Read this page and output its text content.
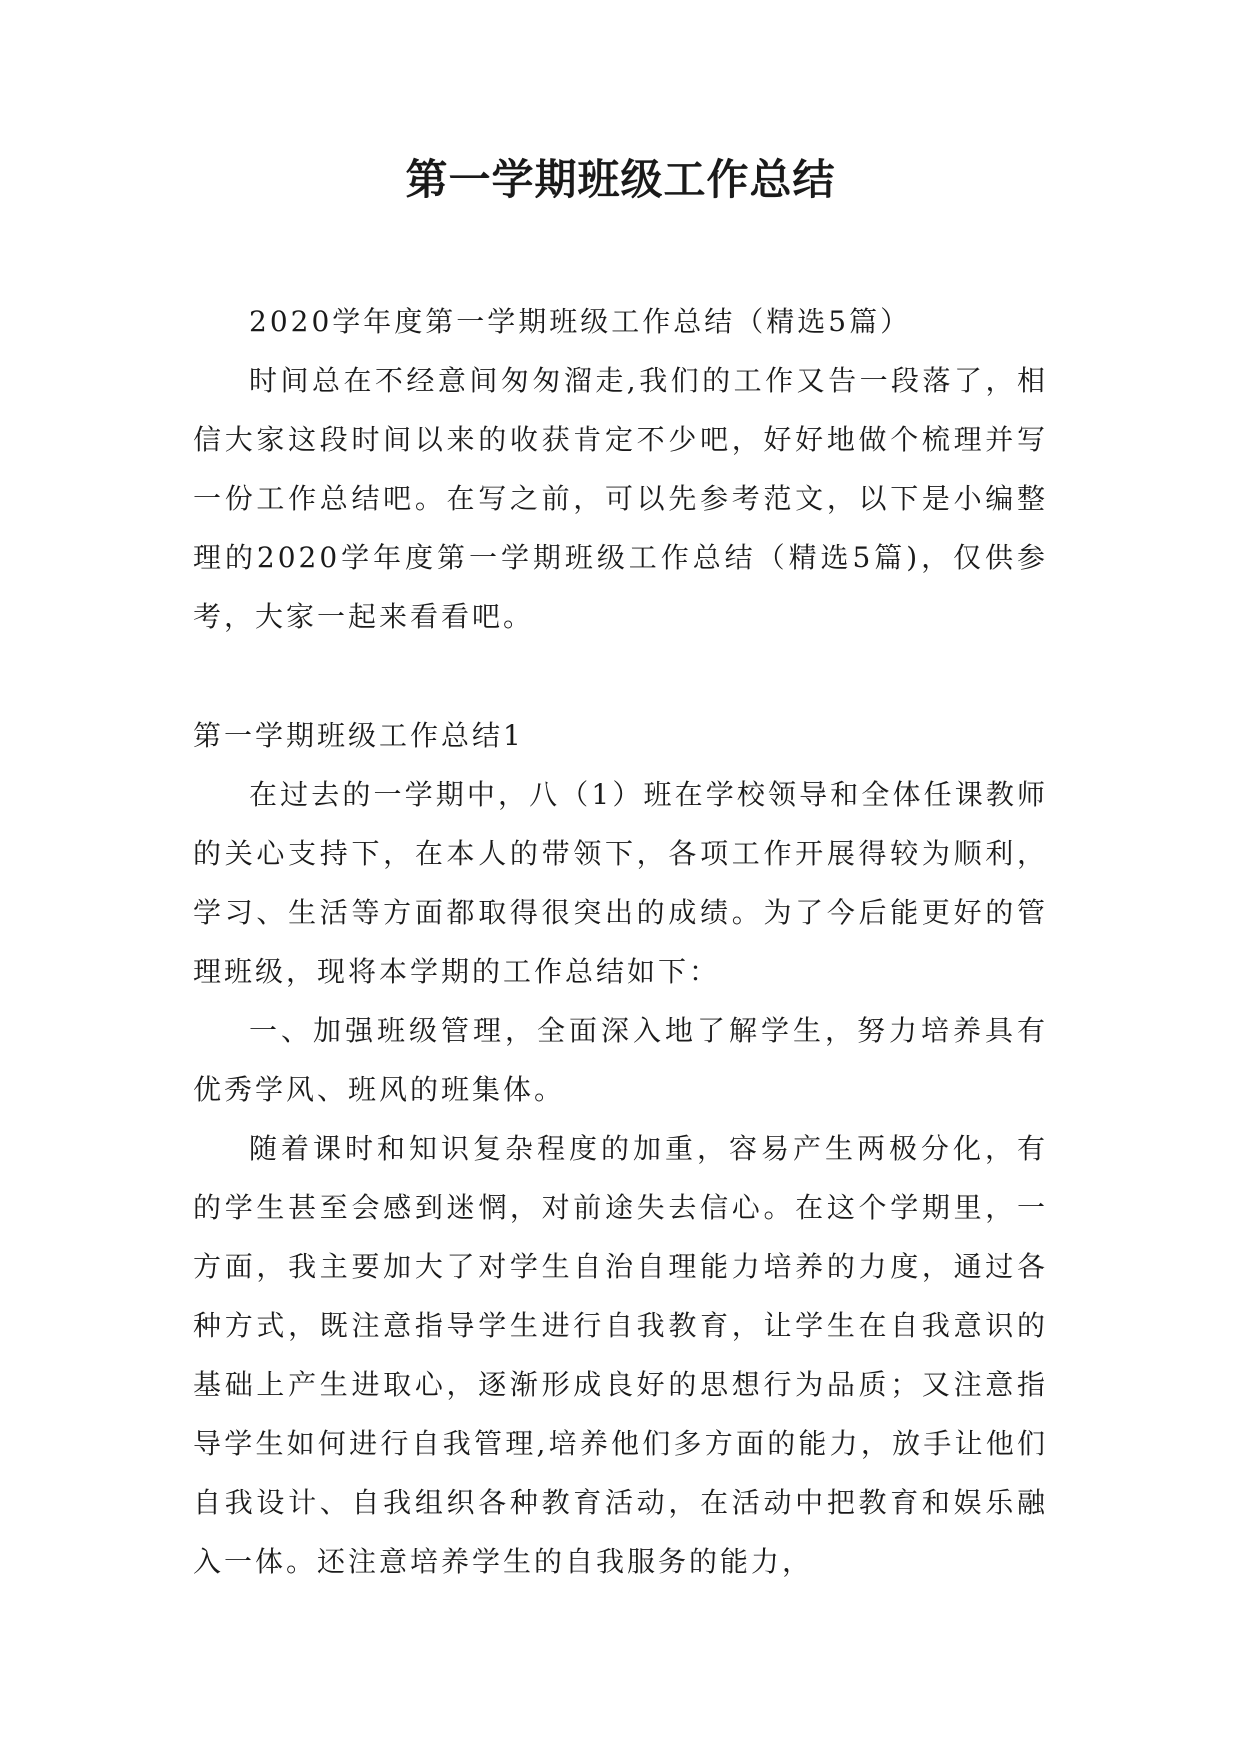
第一学期班级工作总结

2020学年度第一学期班级工作总结（精选5篇）

时间总在不经意间匆匆溜走,我们的工作又告一段落了，相信大家这段时间以来的收获肯定不少吧，好好地做个梳理并写一份工作总结吧。在写之前，可以先参考范文，以下是小编整理的2020学年度第一学期班级工作总结（精选5篇)，仅供参考，大家一起来看看吧。

第一学期班级工作总结1

在过去的一学期中，八（1）班在学校领导和全体任课教师的关心支持下，在本人的带领下，各项工作开展得较为顺利，学习、生活等方面都取得很突出的成绩。为了今后能更好的管理班级，现将本学期的工作总结如下：

一、加强班级管理，全面深入地了解学生，努力培养具有优秀学风、班风的班集体。

随着课时和知识复杂程度的加重，容易产生两极分化，有的学生甚至会感到迷惘，对前途失去信心。在这个学期里，一方面，我主要加大了对学生自治自理能力培养的力度，通过各种方式，既注意指导学生进行自我教育，让学生在自我意识的基础上产生进取心，逐渐形成良好的思想行为品质；又注意指导学生如何进行自我管理,培养他们多方面的能力，放手让他们自我设计、自我组织各种教育活动，在活动中把教育和娱乐融入一体。还注意培养学生的自我服务的能力，
